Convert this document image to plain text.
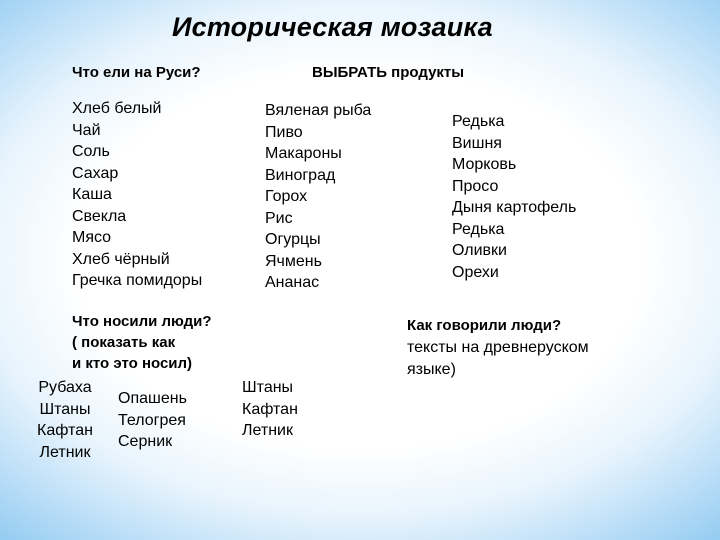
Историческая мозаика
Что ели на Руси?	ВЫБРАТЬ продукты
Хлеб белый
Чай
Соль
Сахар
Каша
Свекла
Мясо
Хлеб чёрный
Гречка помидоры
Вяленая рыба
Пиво
Макароны
Виноград
Горох
Рис
Огурцы
Ячмень
Ананас
Редька
Вишня
Морковь
Просо
Дыня картофель
Редька
Оливки
Орехи
Что носили люди?
( показать как
и кто это носил)
Рубаха
Штаны
Кафтан
Летник
Опашень
Телогрея
Серник
Штаны
Кафтан
Летник
Как говорили люди?
тексты на древнеруском
языке)
